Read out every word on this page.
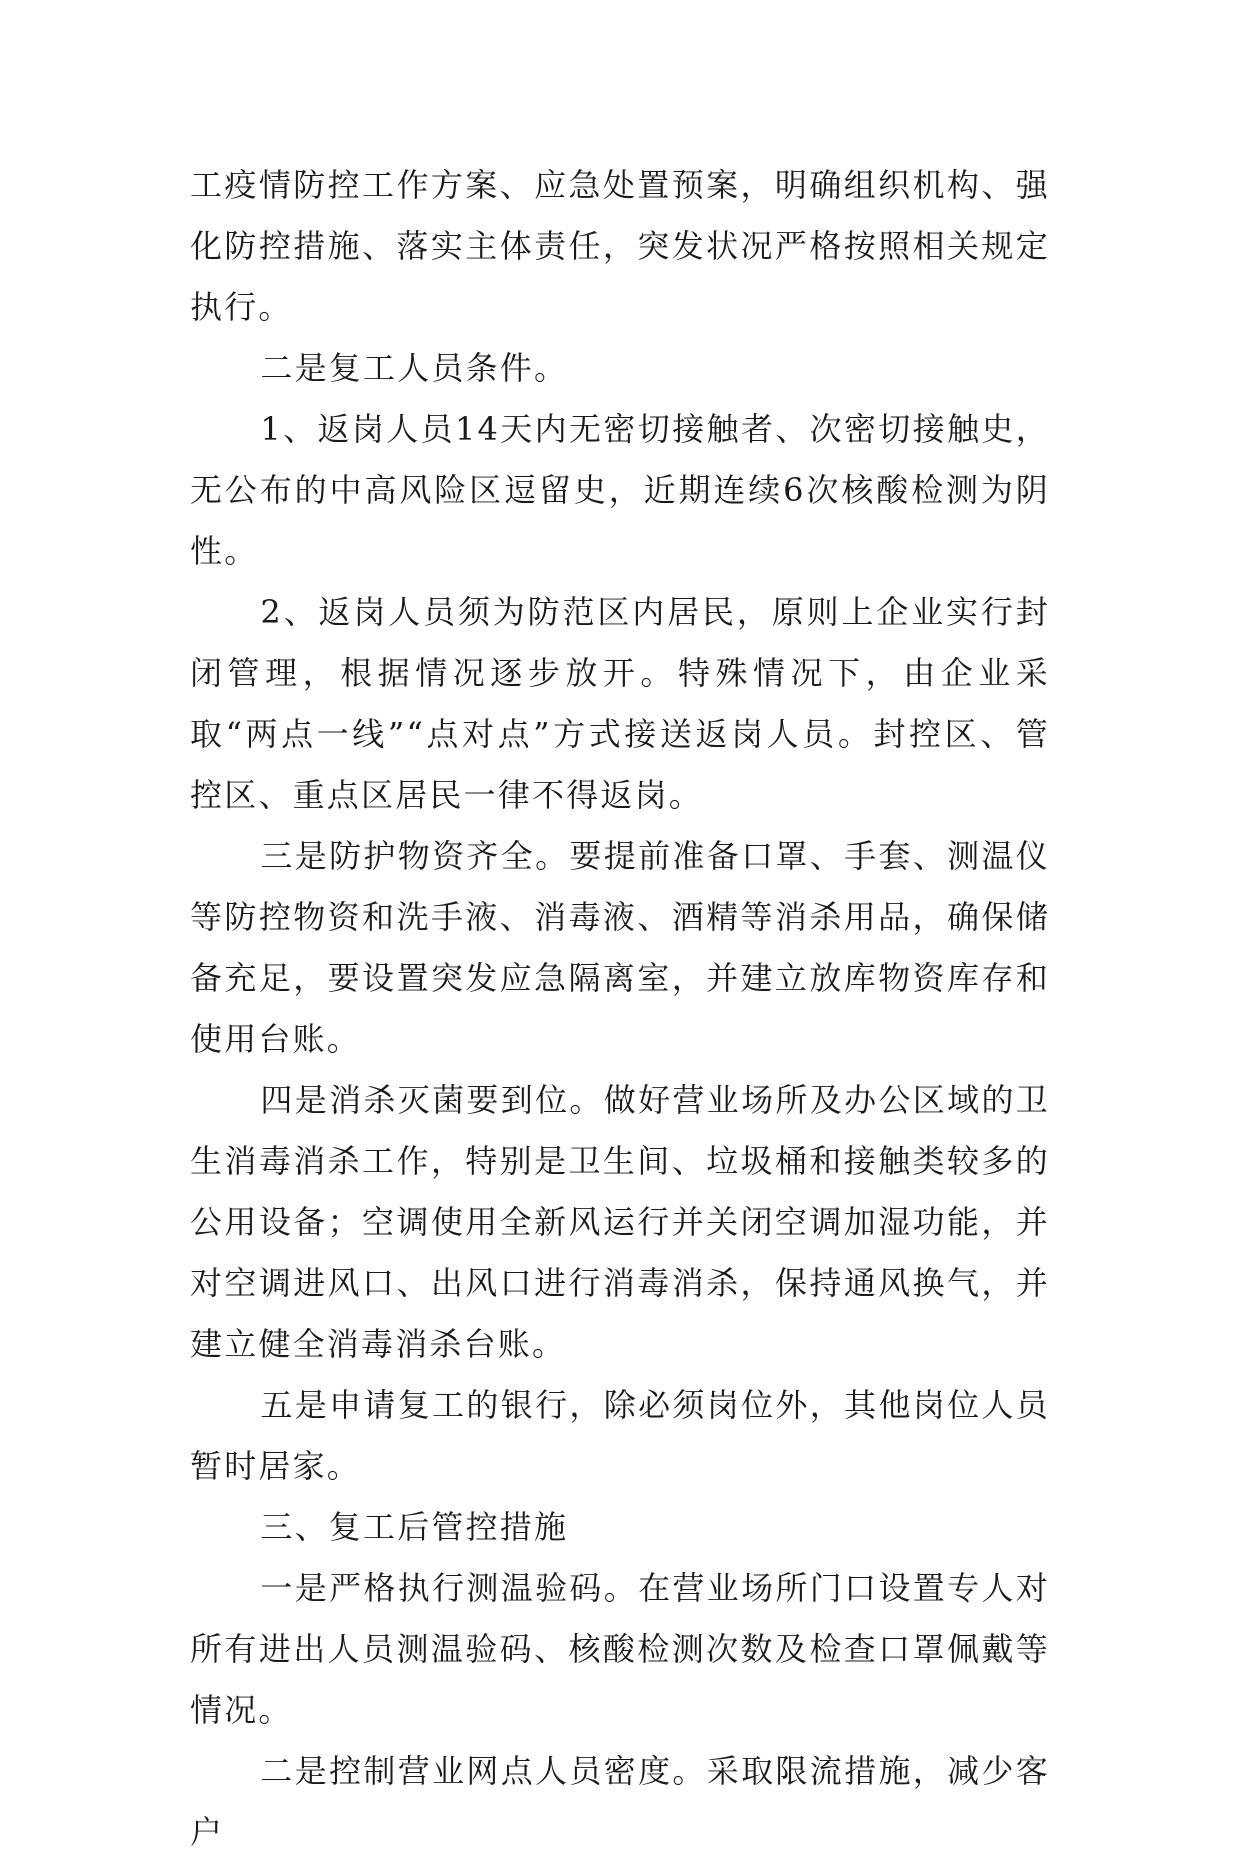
工疫情防控工作方案、应急处置预案，明确组织机构、强化防控措施、落实主体责任，突发状况严格按照相关规定执行。

二是复工人员条件。

1、返岗人员14天内无密切接触者、次密切接触史，无公布的中高风险区逗留史，近期连续6次核酸检测为阴性。

2、返岗人员须为防范区内居民，原则上企业实行封闭管理，根据情况逐步放开。特殊情况下，由企业采取“两点一线”“点对点”方式接送返岗人员。封控区、管控区、重点区居民一律不得返岗。

三是防护物资齐全。要提前准备口罩、手套、测温仪等防控物资和洗手液、消毒液、酒精等消杀用品，确保储备充足，要设置突发应急隔离室，并建立放库物资库存和使用台账。

四是消杀灭菌要到位。做好营业场所及办公区域的卫生消毒消杀工作，特别是卫生间、垃圾桶和接触类较多的公用设备；空调使用全新风运行并关闭空调加湿功能，并对空调进风口、出风口进行消毒消杀，保持通风换气，并建立健全消毒消杀台账。

五是申请复工的银行，除必须岗位外，其他岗位人员暂时居家。

三、复工后管控措施

一是严格执行测温验码。在营业场所门口设置专人对所有进出人员测温验码、核酸检测次数及检查口罩佩戴等情况。

二是控制营业网点人员密度。采取限流措施，减少客户
